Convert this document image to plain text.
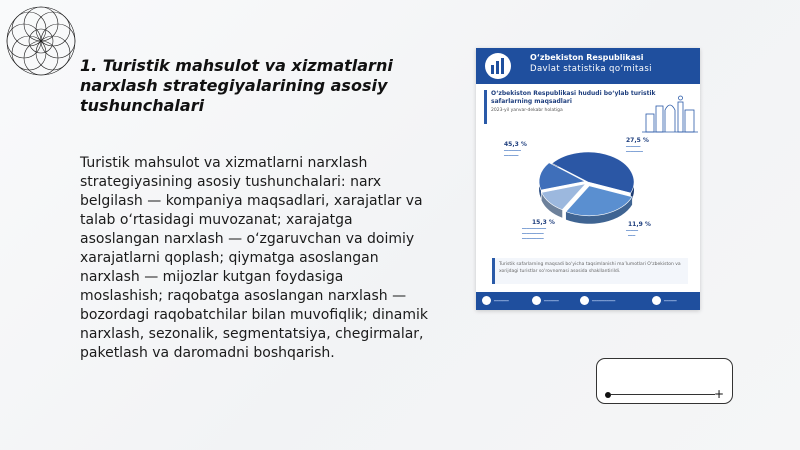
1. Turistik mahsulot va xizmatlarni narxlash strategiyalarining asosiy tushunchalari
Turistik mahsulot va xizmatlarni narxlash strategiyasining asosiy tushunchalari: narx belgilash — kompaniya maqsadlari, xarajatlar va talab o‘rtasidagi muvozanat; xarajatga asoslangan narxlash — o‘zgaruvchan va doimiy xarajatlarni qoplash; qiymatga asoslangan narxlash — mijozlar kutgan foydasiga moslashish; raqobatga asoslangan narxlash — bozordagi raqobatchilar bilan muvofiqlik; dinamik narxlash, sezonalik, segmentatsiya, chegirmalar, paketlash va daromadni boshqarish.
O‘zbekiston Respublikasi
Davlat statistika qo‘mitasi
O‘zbekiston Respublikasi hududi bo‘ylab turistik
safarlarning maqsadlari
2023-yil yanvar-dekabr holatiga
45,3 %
━━━━━━━
━━━━━━
27,5 %
━━━━━━
━━━━━━━
11,9 %
━━━━━
━━━
15,3 %
━━━━━━━━━━
━━━━━━━━━
━━━━━━━━━
Turistik safarlarning maqsadi bo‘yicha taqsimlanishi ma’lumotlari O‘zbekiston va xorijdagi turistlar so‘rovnomasi asosida shakllantirildi.
━━━━━━━	━━━━━━━	━━━━━━━━━━━	━━━━━━
+
